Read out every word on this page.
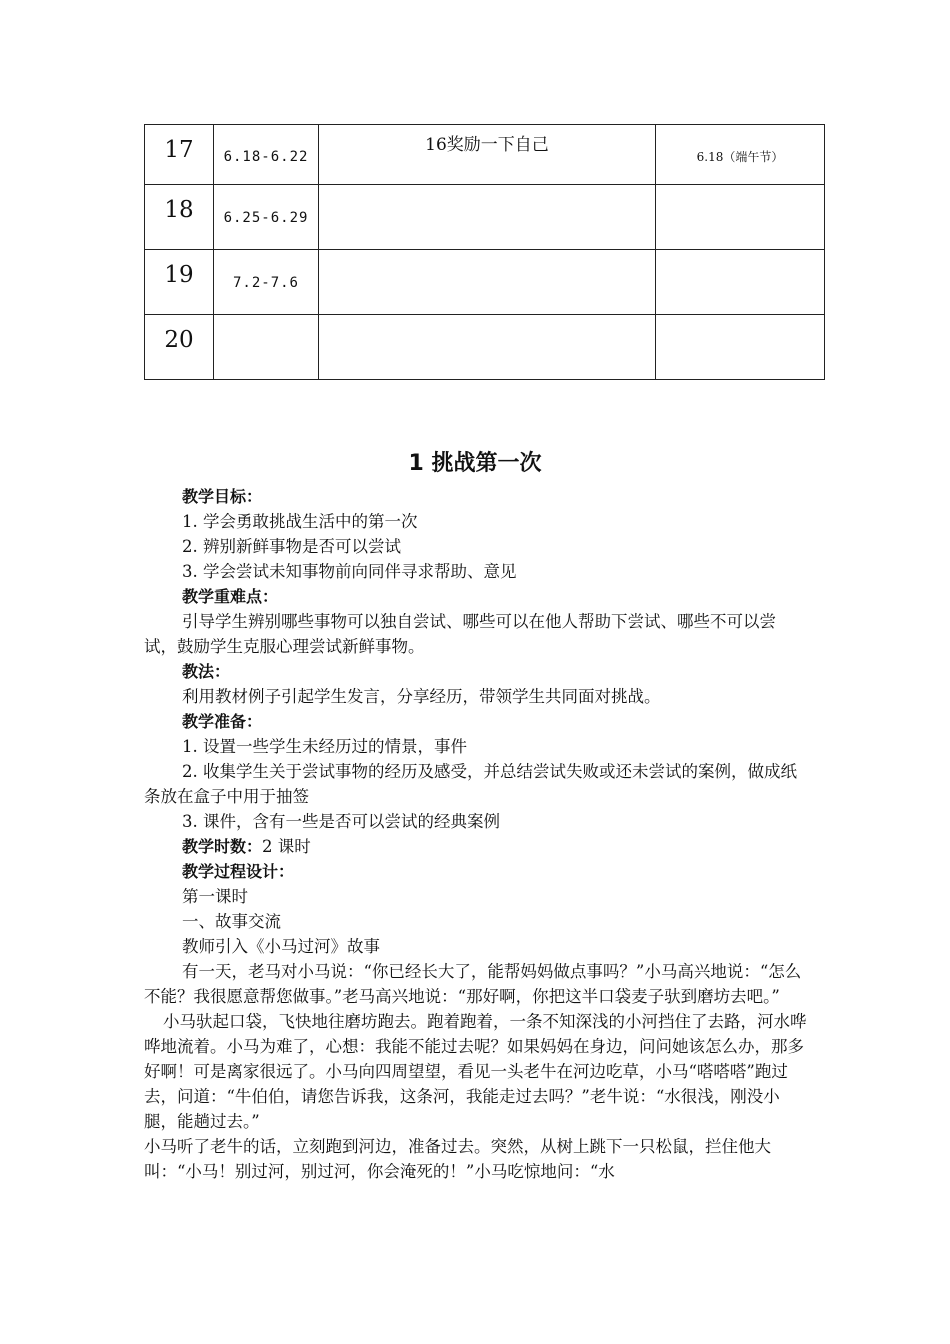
17	6.18-6.22	16奖励一下自己	6.18（端午节）

18	6.25-6.29		

19	7.2-7.6		

20			

1 挑战第一次

教学目标：

1. 学会勇敢挑战生活中的第一次

2. 辨别新鲜事物是否可以尝试

3. 学会尝试未知事物前向同伴寻求帮助、意见

教学重难点：

引导学生辨别哪些事物可以独自尝试、哪些可以在他人帮助下尝试、哪些不可以尝试，鼓励学生克服心理尝试新鲜事物。

教法：

利用教材例子引起学生发言，分享经历，带领学生共同面对挑战。

教学准备：

1. 设置一些学生未经历过的情景，事件

2. 收集学生关于尝试事物的经历及感受，并总结尝试失败或还未尝试的案例，做成纸条放在盒子中用于抽签

3. 课件，含有一些是否可以尝试的经典案例

教学时数：2 课时

教学过程设计：

第一课时

一、故事交流

教师引入《小马过河》故事

有一天，老马对小马说：“你已经长大了，能帮妈妈做点事吗？”小马高兴地说：“怎么不能？我很愿意帮您做事。”老马高兴地说：“那好啊，你把这半口袋麦子驮到磨坊去吧。”

小马驮起口袋，飞快地往磨坊跑去。跑着跑着，一条不知深浅的小河挡住了去路，河水哗哗地流着。小马为难了，心想：我能不能过去呢？如果妈妈在身边，问问她该怎么办，那多好啊！可是离家很远了。小马向四周望望，看见一头老牛在河边吃草，小马“嗒嗒嗒”跑过去，问道：“牛伯伯，请您告诉我，这条河，我能走过去吗？”老牛说：“水很浅，刚没小腿，能趟过去。”

小马听了老牛的话，立刻跑到河边，准备过去。突然，从树上跳下一只松鼠，拦住他大叫：“小马！别过河，别过河，你会淹死的！”小马吃惊地问：“水
